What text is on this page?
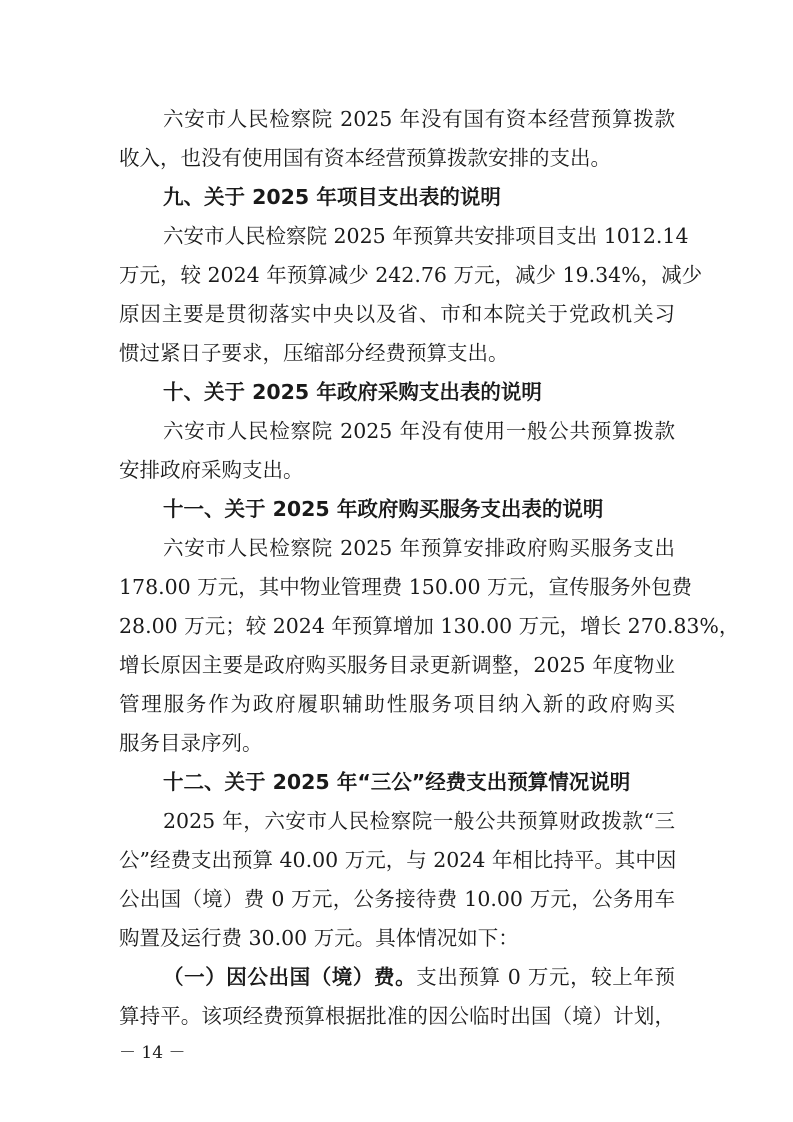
六安市人民检察院 2025 年没有国有资本经营预算拨款
收入，也没有使用国有资本经营预算拨款安排的支出。
九、关于 2025 年项目支出表的说明
六安市人民检察院 2025 年预算共安排项目支出 1012.14
万元，较 2024 年预算减少 242.76 万元，减少 19.34%，减少
原因主要是贯彻落实中央以及省、市和本院关于党政机关习
惯过紧日子要求，压缩部分经费预算支出。
十、关于 2025 年政府采购支出表的说明
六安市人民检察院 2025 年没有使用一般公共预算拨款
安排政府采购支出。
十一、关于 2025 年政府购买服务支出表的说明
六安市人民检察院 2025 年预算安排政府购买服务支出
178.00 万元，其中物业管理费 150.00 万元，宣传服务外包费
28.00 万元；较 2024 年预算增加 130.00 万元，增长 270.83%，
增长原因主要是政府购买服务目录更新调整，2025 年度物业
管理服务作为政府履职辅助性服务项目纳入新的政府购买
服务目录序列。
十二、关于 2025 年“三公”经费支出预算情况说明
2025 年，六安市人民检察院一般公共预算财政拨款“三
公”经费支出预算 40.00 万元，与 2024 年相比持平。其中因
公出国（境）费 0 万元，公务接待费 10.00 万元，公务用车
购置及运行费 30.00 万元。具体情况如下：
（一）因公出国（境）费。支出预算 0 万元，较上年预
算持平。该项经费预算根据批准的因公临时出国（境）计划，
－ 14 －
